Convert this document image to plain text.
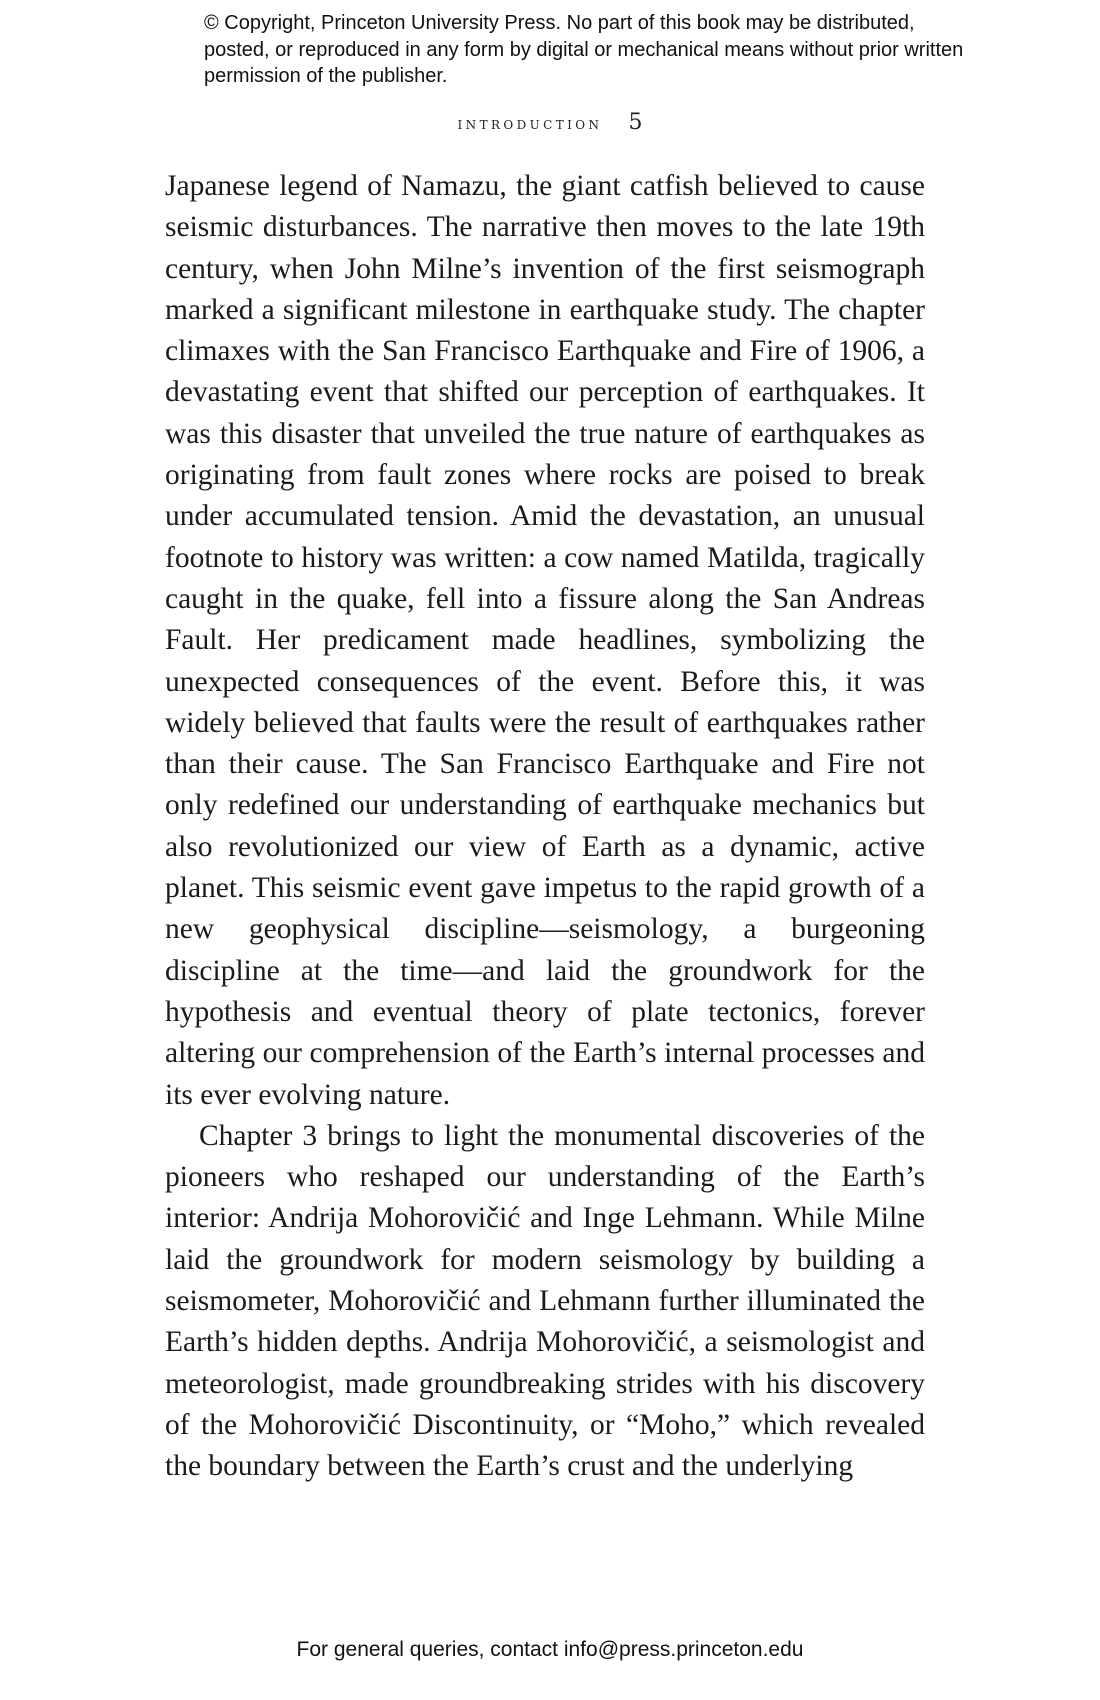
© Copyright, Princeton University Press. No part of this book may be distributed, posted, or reproduced in any form by digital or mechanical means without prior written permission of the publisher.
introduction 5

Japanese legend of Namazu, the giant catfish believed to cause seismic disturbances. The narrative then moves to the late 19th century, when John Milne’s invention of the first seismograph marked a significant milestone in earthquake study. The chapter climaxes with the San Francisco Earthquake and Fire of 1906, a devastating event that shifted our perception of earthquakes. It was this disaster that unveiled the true nature of earthquakes as originating from fault zones where rocks are poised to break under accumulated tension. Amid the devastation, an unusual footnote to history was written: a cow named Matilda, tragically caught in the quake, fell into a fissure along the San Andreas Fault. Her predicament made headlines, symbolizing the unexpected consequences of the event. Before this, it was widely believed that faults were the result of earthquakes rather than their cause. The San Francisco Earthquake and Fire not only redefined our understanding of earthquake mechanics but also revolutionized our view of Earth as a dynamic, active planet. This seismic event gave impetus to the rapid growth of a new geophysical discipline—seismology, a burgeoning discipline at the time—and laid the groundwork for the hypothesis and eventual theory of plate tectonics, forever altering our comprehension of the Earth’s internal processes and its ever evolving nature.

Chapter 3 brings to light the monumental discoveries of the pioneers who reshaped our understanding of the Earth’s interior: Andrija Mohorovičić and Inge Lehmann. While Milne laid the groundwork for modern seismology by building a seismometer, Mohorovičić and Lehmann further illuminated the Earth’s hidden depths. Andrija Mohorovičić, a seismologist and meteorologist, made groundbreaking strides with his discovery of the Mohorovičić Discontinuity, or “Moho,” which revealed the boundary between the Earth’s crust and the underlying

For general queries, contact info@press.princeton.edu
